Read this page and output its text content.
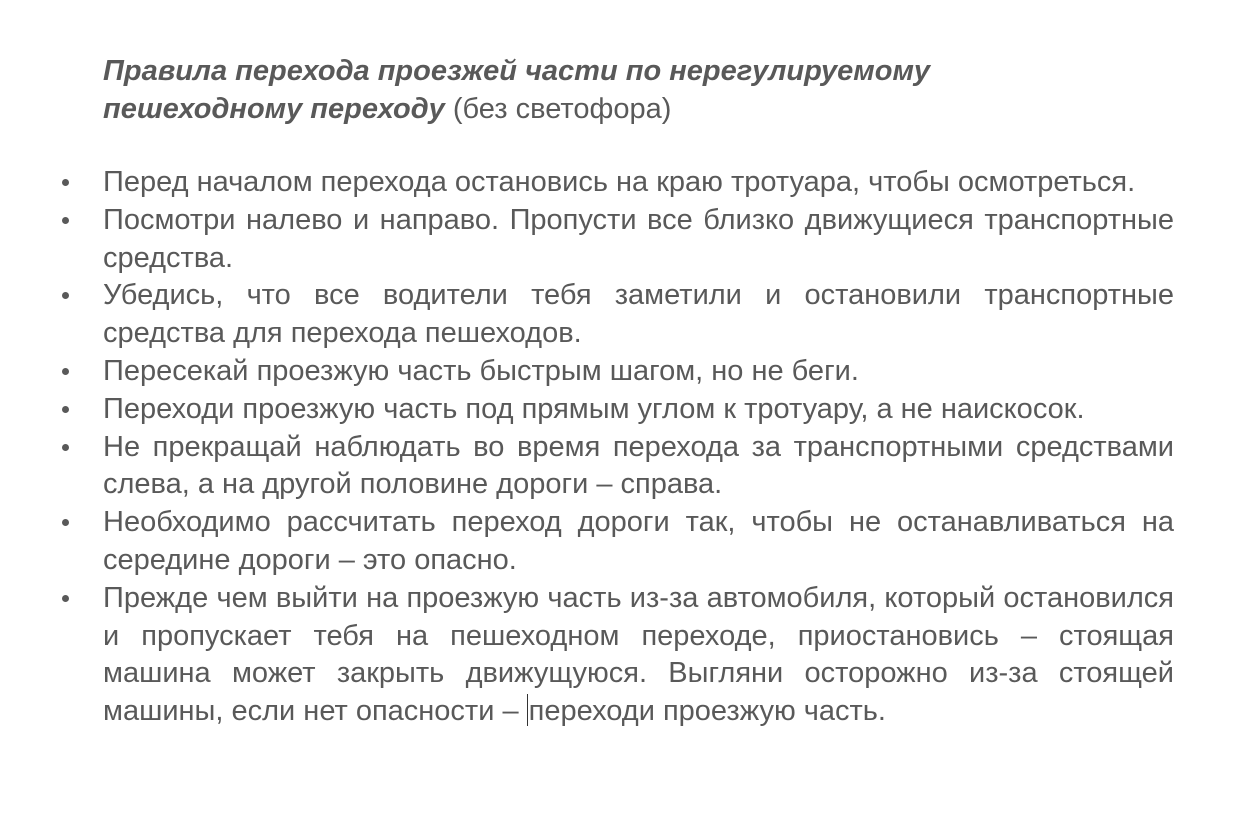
Правила перехода проезжей части по нерегулируемому пешеходному переходу (без светофора)

Перед началом перехода остановись на краю тротуара, чтобы осмотреться.
Посмотри налево и направо. Пропусти все близко движущиеся транспортные средства.
Убедись, что все водители тебя заметили и остановили транспортные средства для перехода пешеходов.
Пересекай проезжую часть быстрым шагом, но не беги.
Переходи проезжую часть под прямым углом к тротуару, а не наискосок.
Не прекращай наблюдать во время перехода за транспортными средствами слева, а на другой половине дороги – справа.
Необходимо рассчитать переход дороги так, чтобы не останавливаться на середине дороги – это опасно.
Прежде чем выйти на проезжую часть из-за автомобиля, который остановился и пропускает тебя на пешеходном переходе, приостановись – стоящая машина может закрыть движущуюся. Выгляни осторожно из-за стоящей машины, если нет опасности – переходи проезжую часть.
